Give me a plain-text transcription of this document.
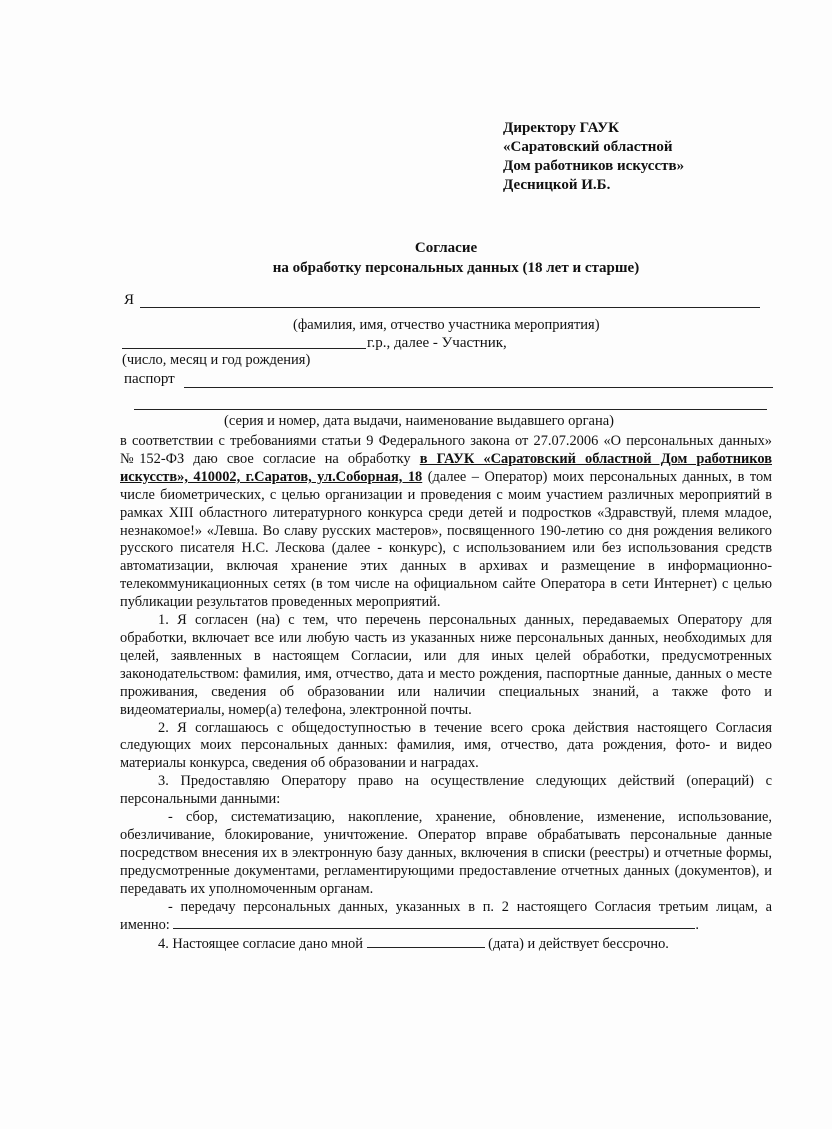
Директору ГАУК
«Саратовский областной
Дом работников искусств»
Десницкой И.Б.
Согласие
на обработку персональных данных (18 лет и старше)
Я
(фамилия, имя, отчество участника мероприятия)
г.р., далее - Участник,
(число, месяц и год рождения)
паспорт
(серия и номер, дата выдачи, наименование выдавшего органа)

в соответствии с требованиями статьи 9 Федерального закона от 27.07.2006 «О персональных данных» №152-ФЗ даю свое согласие на обработку в ГАУК «Саратовский областной Дом работников искусств», 410002, г.Саратов, ул.Соборная, 18 (далее – Оператор) моих персональных данных, в том числе биометрических, с целью организации и проведения с моим участием различных мероприятий в рамках XIII областного литературного конкурса среди детей и подростков «Здравствуй, племя младое, незнакомое!» «Левша. Во славу русских мастеров», посвященного 190-летию со дня рождения великого русского писателя Н.С. Лескова (далее - конкурс), с использованием или без использования средств автоматизации, включая хранение этих данных в архивах и размещение в информационно-телекоммуникационных сетях (в том числе на официальном сайте Оператора в сети Интернет) с целью публикации результатов проведенных мероприятий.

1. Я согласен (на) с тем, что перечень персональных данных, передаваемых Оператору для обработки, включает все или любую часть из указанных ниже персональных данных, необходимых для целей, заявленных в настоящем Согласии, или для иных целей обработки, предусмотренных законодательством: фамилия, имя, отчество, дата и место рождения, паспортные данные, данных о месте проживания, сведения об образовании или наличии специальных знаний, а также фото и видеоматериалы, номер(а) телефона, электронной почты.

2. Я соглашаюсь с общедоступностью в течение всего срока действия настоящего Согласия следующих моих персональных данных: фамилия, имя, отчество, дата рождения, фото- и видео материалы конкурса, сведения об образовании и наградах.

3. Предоставляю Оператору право на осуществление следующих действий (операций) с персональными данными:

- сбор, систематизацию, накопление, хранение, обновление, изменение, использование, обезличивание, блокирование, уничтожение. Оператор вправе обрабатывать персональные данные посредством внесения их в электронную базу данных, включения в списки (реестры) и отчетные формы, предусмотренные документами, регламентирующими предоставление отчетных данных (документов), и передавать их уполномоченным органам.

- передачу персональных данных, указанных в п. 2 настоящего Согласия третьим лицам, а именно:	.

4. Настоящее согласие дано мной	(дата) и действует бессрочно.
